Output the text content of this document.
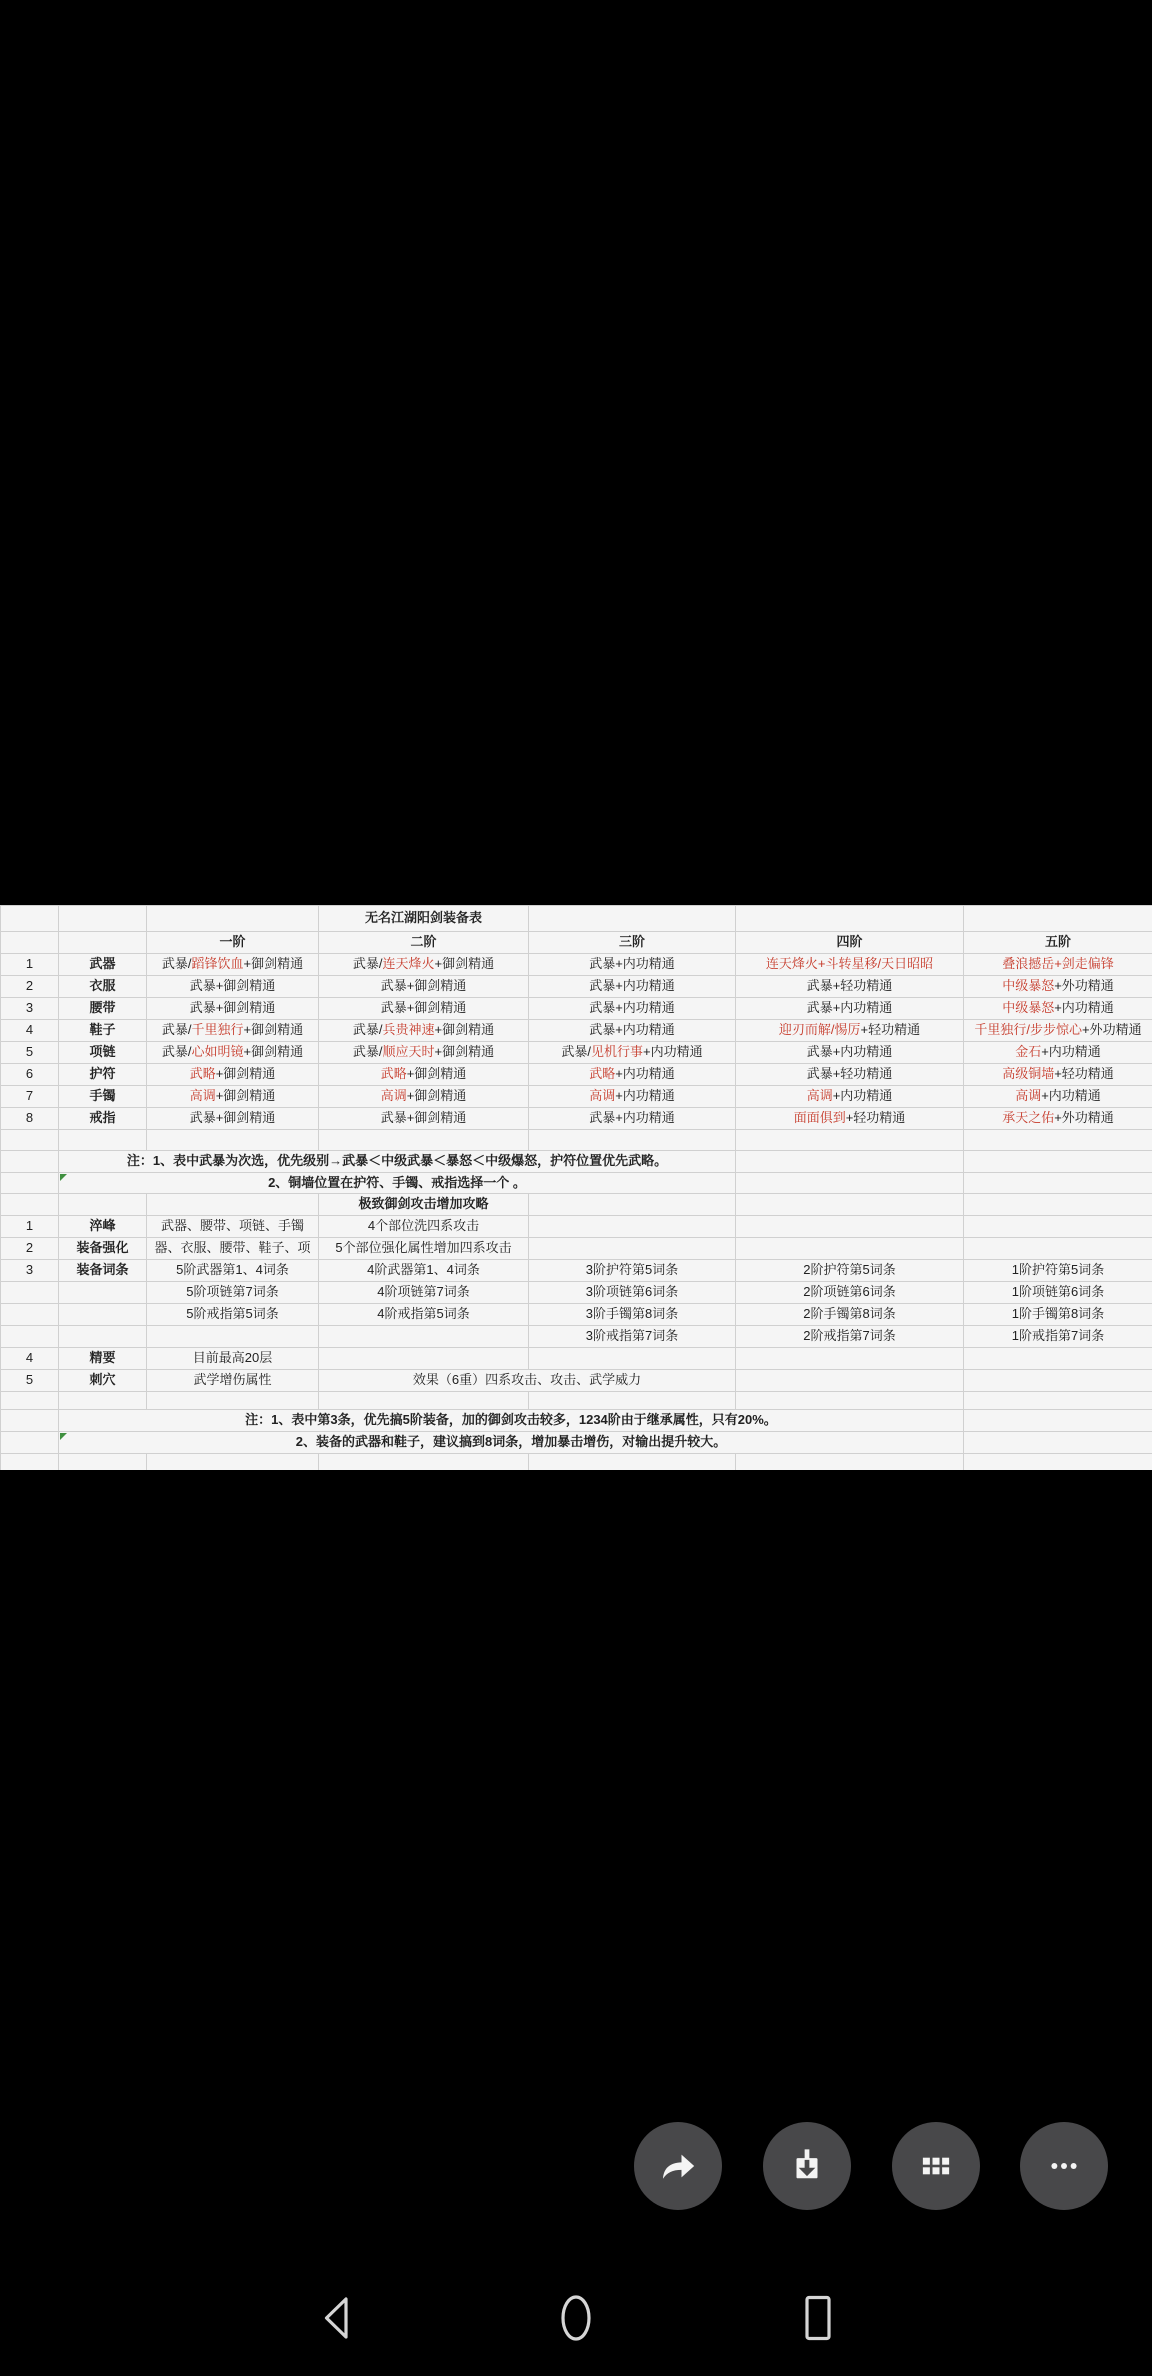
			无名江湖阳剑装备表			
		一阶	二阶	三阶	四阶	五阶
1	武器	武暴/蹈锋饮血+御剑精通	武暴/连天烽火+御剑精通	武暴+内功精通	连天烽火+斗转星移/天日昭昭	叠浪撼岳+剑走偏锋
2	衣服	武暴+御剑精通	武暴+御剑精通	武暴+内功精通	武暴+轻功精通	中级暴怒+外功精通
3	腰带	武暴+御剑精通	武暴+御剑精通	武暴+内功精通	武暴+内功精通	中级暴怒+内功精通
4	鞋子	武暴/千里独行+御剑精通	武暴/兵贵神速+御剑精通	武暴+内功精通	迎刃而解/惕厉+轻功精通	千里独行/步步惊心+外功精通
5	项链	武暴/心如明镜+御剑精通	武暴/顺应天时+御剑精通	武暴/见机行事+内功精通	武暴+内功精通	金石+内功精通
6	护符	武略+御剑精通	武略+御剑精通	武略+内功精通	武暴+轻功精通	高级铜墙+轻功精通
7	手镯	高调+御剑精通	高调+御剑精通	高调+内功精通	高调+内功精通	高调+内功精通
8	戒指	武暴+御剑精通	武暴+御剑精通	武暴+内功精通	面面俱到+轻功精通	承天之佑+外功精通

	注：1、表中武暴为次选，优先级别→武暴＜中级武暴＜暴怒＜中级爆怒，护符位置优先武略。					
	2、铜墙位置在护符、手镯、戒指选择一个 。			

			极致御剑攻击增加攻略			
1	淬峰	武器、腰带、项链、手镯	4个部位洗四系攻击			
2	装备强化	器、衣服、腰带、鞋子、项	5个部位强化属性增加四系攻击			
3	装备词条	5阶武器第1、4词条	4阶武器第1、4词条	3阶护符第5词条	2阶护符第5词条	1阶护符第5词条
		5阶项链第7词条	4阶项链第7词条	3阶项链第6词条	2阶项链第6词条	1阶项链第6词条
		5阶戒指第5词条	4阶戒指第5词条	3阶手镯第8词条	2阶手镯第8词条	1阶手镯第8词条
				3阶戒指第7词条	2阶戒指第7词条	1阶戒指第7词条
4	精要	目前最高20层				
5	刺穴	武学增伤属性	效果（6重）四系攻击、攻击、武学威力			

	注：1、表中第3条，优先搞5阶装备，加的御剑攻击较多，1234阶由于继承属性，只有20%。					
	2、装备的武器和鞋子，建议搞到8词条，增加暴击增伤，对输出提升较大。				
